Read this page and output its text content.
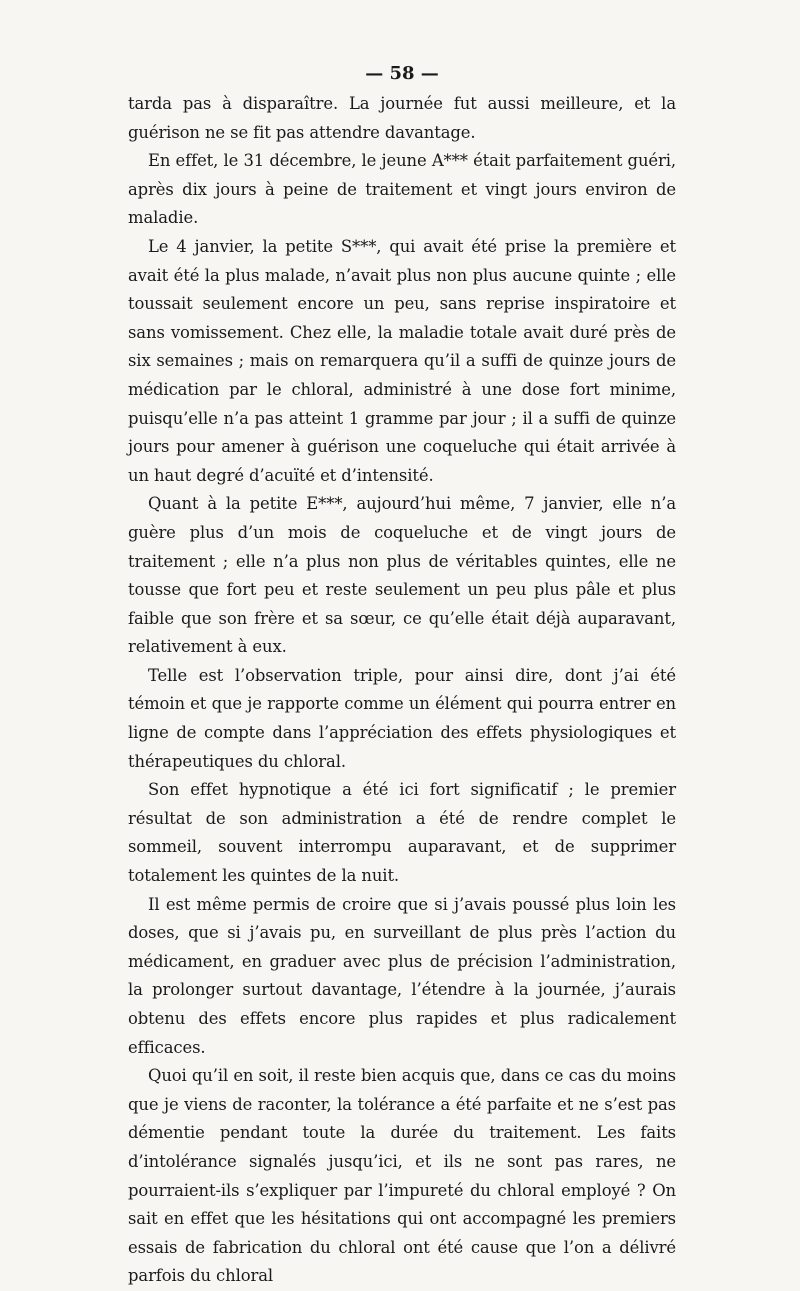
— 58 —

tarda pas à disparaître. La journée fut aussi meilleure, et la guérison ne se fit pas attendre davantage.

En effet, le 31 décembre, le jeune A*** était parfaitement guéri, après dix jours à peine de traitement et vingt jours environ de maladie.

Le 4 janvier, la petite S***, qui avait été prise la première et avait été la plus malade, n’avait plus non plus aucune quinte ; elle toussait seulement encore un peu, sans reprise inspiratoire et sans vomissement. Chez elle, la maladie totale avait duré près de six semaines ; mais on remarquera qu’il a suffi de quinze jours de médication par le chloral, administré à une dose fort minime, puisqu’elle n’a pas atteint 1 gramme par jour ; il a suffi de quinze jours pour amener à guérison une coqueluche qui était arrivée à un haut degré d’acuïté et d’intensité.

Quant à la petite E***, aujourd’hui même, 7 janvier, elle n’a guère plus d’un mois de coqueluche et de vingt jours de traitement ; elle n’a plus non plus de véritables quintes, elle ne tousse que fort peu et reste seulement un peu plus pâle et plus faible que son frère et sa sœur, ce qu’elle était déjà auparavant, relativement à eux.

Telle est l’observation triple, pour ainsi dire, dont j’ai été témoin et que je rapporte comme un élément qui pourra entrer en ligne de compte dans l’appréciation des effets physiologiques et thérapeutiques du chloral.

Son effet hypnotique a été ici fort significatif ; le premier résultat de son administration a été de rendre complet le sommeil, souvent interrompu auparavant, et de supprimer totalement les quintes de la nuit.

Il est même permis de croire que si j’avais poussé plus loin les doses, que si j’avais pu, en surveillant de plus près l’action du médicament, en graduer avec plus de précision l’administration, la prolonger surtout davantage, l’étendre à la journée, j’aurais obtenu des effets encore plus rapides et plus radicalement efficaces.

Quoi qu’il en soit, il reste bien acquis que, dans ce cas du moins que je viens de raconter, la tolérance a été parfaite et ne s’est pas démentie pendant toute la durée du traitement. Les faits d’intolérance signalés jusqu’ici, et ils ne sont pas rares, ne pourraient-ils s’expliquer par l’impureté du chloral employé ? On sait en effet que les hésitations qui ont accompagné les premiers essais de fabrication du chloral ont été cause que l’on a délivré parfois du chloral
